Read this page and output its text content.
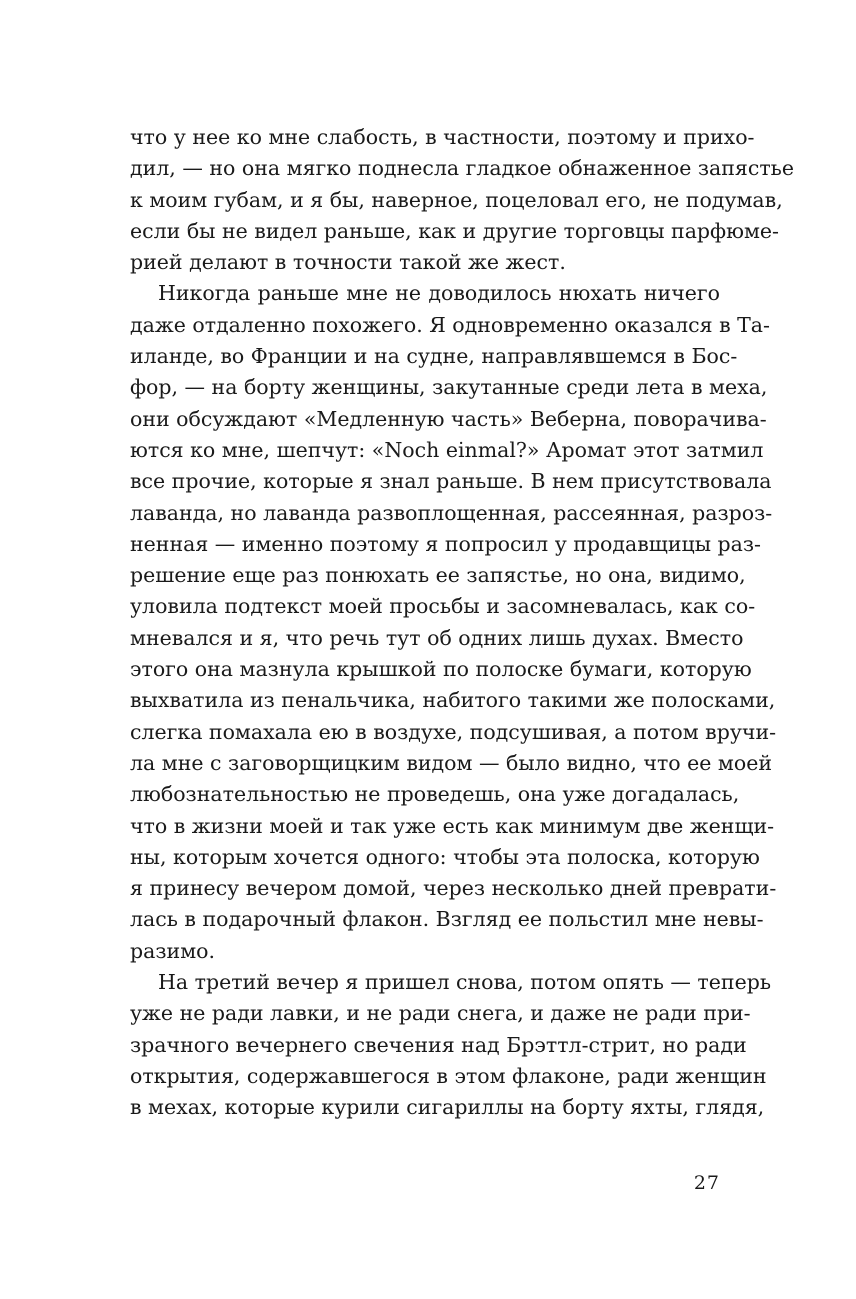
что у нее ко мне слабость, в частности, поэтому и прихо-
дил, — но она мягко поднесла гладкое обнаженное запястье
к моим губам, и я бы, наверное, поцеловал его, не подумав,
если бы не видел раньше, как и другие торговцы парфюме-
рией делают в точности такой же жест.
Никогда раньше мне не доводилось нюхать ничего
даже отдаленно похожего. Я одновременно оказался в Та-
иланде, во Франции и на судне, направлявшемся в Бос-
фор, — на борту женщины, закутанные среди лета в меха,
они обсуждают «Медленную часть» Веберна, поворачива-
ются ко мне, шепчут: «Noch einmal?» Аромат этот затмил
все прочие, которые я знал раньше. В нем присутствовала
лаванда, но лаванда развоплощенная, рассеянная, разроз-
ненная — именно поэтому я попросил у продавщицы раз-
решение еще раз понюхать ее запястье, но она, видимо,
уловила подтекст моей просьбы и засомневалась, как со-
мневался и я, что речь тут об одних лишь духах. Вместо
этого она мазнула крышкой по полоске бумаги, которую
выхватила из пенальчика, набитого такими же полосками,
слегка помахала ею в воздухе, подсушивая, а потом вручи-
ла мне с заговорщицким видом — было видно, что ее моей
любознательностью не проведешь, она уже догадалась,
что в жизни моей и так уже есть как минимум две женщи-
ны, которым хочется одного: чтобы эта полоска, которую
я принесу вечером домой, через несколько дней преврати-
лась в подарочный флакон. Взгляд ее польстил мне невы-
разимо.
На третий вечер я пришел снова, потом опять — теперь
уже не ради лавки, и не ради снега, и даже не ради при-
зрачного вечернего свечения над Брэттл-стрит, но ради
открытия, содержавшегося в этом флаконе, ради женщин
в мехах, которые курили сигариллы на борту яхты, глядя,
27
